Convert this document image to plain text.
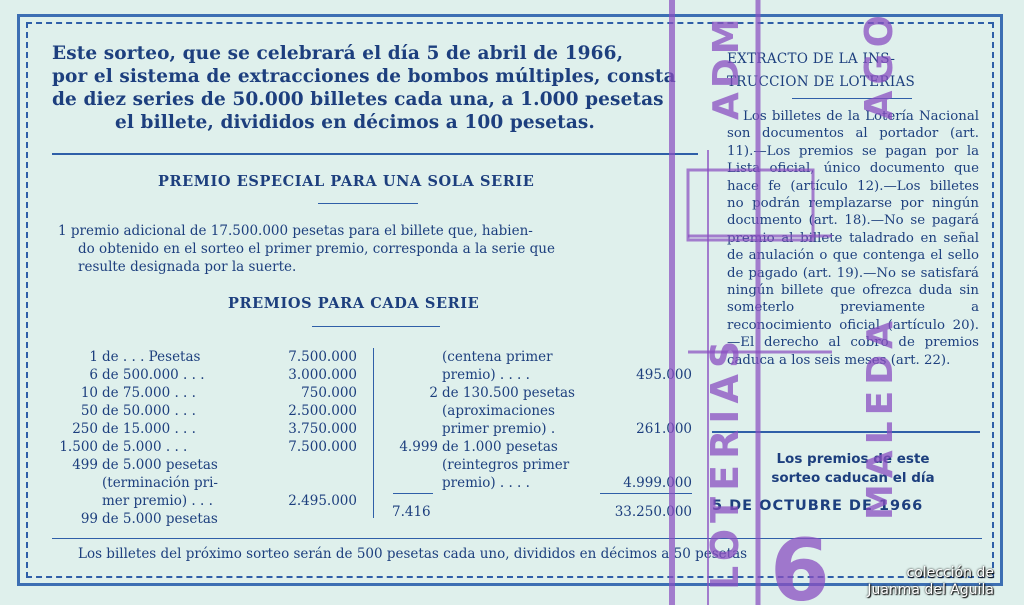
Este sorteo, que se celebrará el día 5 de abril de 1966,

por el sistema de extracciones de bombos múltiples, consta

de diez series de 50.000 billetes cada una, a 1.000 pesetas

el billete, divididos en décimos a 100 pesetas.

PREMIO ESPECIAL PARA UNA SOLA SERIE

1 premio adicional de 17.500.000 pesetas para el billete que, habien-

do obtenido en el sorteo el primer premio, corresponda a la serie que

resulte designada por la suerte.

PREMIOS PARA CADA SERIE
1 de . . . Pesetas	7.500.000
6 de 500.000 . . .	3.000.000
10 de 75.000 . . .	750.000
50 de 50.000 . . .	2.500.000
250 de 15.000 . . .	3.750.000
1.500 de 5.000 . . .	7.500.000
499 de 5.000 pesetas
(terminación pri-
mer premio) . . .	2.495.000
99 de 5.000 pesetas
(centena primer
premio) . . . .	495.000
2 de 130.500 pesetas
(aproximaciones
primer premio) .	261.000
4.999 de 1.000 pesetas
(reintegros primer
premio) . . . .	4.999.000
7.416	33.250.000
Los billetes del próximo sorteo serán de 500 pesetas cada uno, divididos en décimos a 50 pesetas
EXTRACTO DE LA INS-
TRUCCION DE LOTERIAS

Los billetes de la Lotería Nacional son documentos al portador (art. 11).—Los premios se pagan por la Lista oficial, único documento que hace fe (artículo 12).—Los billetes no podrán remplazarse por ningún documento (art. 18).—No se pagará premio al billete taladrado en señal de anulación o que contenga el sello de pagado (art. 19).—No se satisfará ningún billete que ofrezca duda sin someterlo previamente a reconocimiento oficial (artículo 20).—El derecho al cobro de premios caduca a los seis meses (art. 22).

Los premios de este
sorteo caducan el día
5 DE OCTUBRE DE 1966
LOTERIAS
ADM	AGO
MALEDA
6	colección de
Juanma del Aguila
